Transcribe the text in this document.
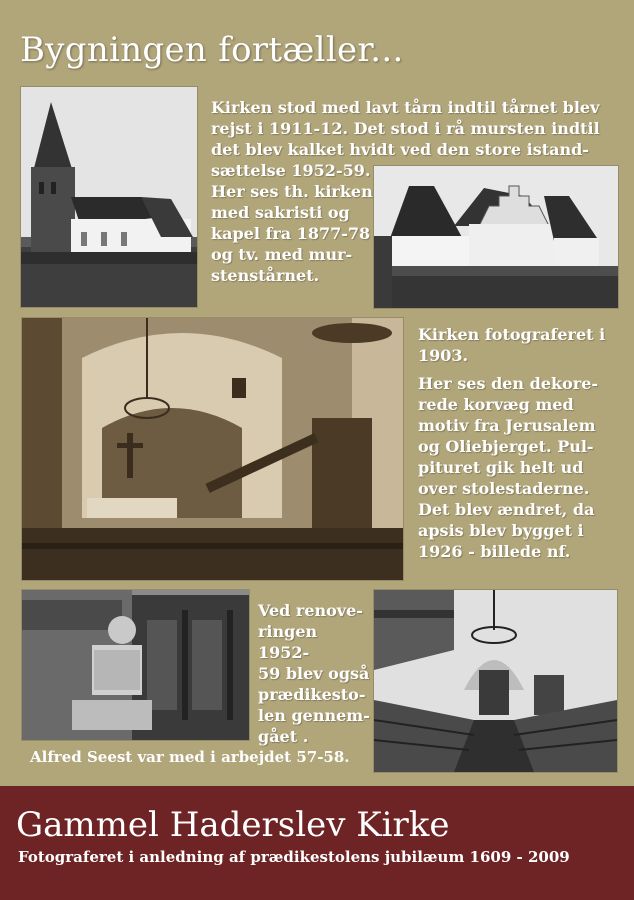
Bygningen fortæller...

Kirken stod med lavt tårn indtil tårnet blev

rejst i 1911-12. Det stod i rå mursten indtil

det blev kalket hvidt ved den store istand-

sættelse 1952-59.

Her ses th. kirken

med sakristi og

kapel fra 1877-78

og tv. med mur-

stenstårnet.

Kirken fotograferet i

1903.

Her ses den dekore-

rede korvæg med

motiv fra Jerusalem

og Oliebjerget. Pul-

pituret gik helt ud

over stolestaderne.

Det blev ændret, da

apsis blev bygget i

1926 - billede nf.

Ved renove-

ringen 1952-

59 blev også

prædikesto-

len gennem-

gået .

Alfred Seest var med i arbejdet 57-58.

Gammel Haderslev Kirke

Fotograferet i anledning af prædikestolens jubilæum 1609 - 2009
